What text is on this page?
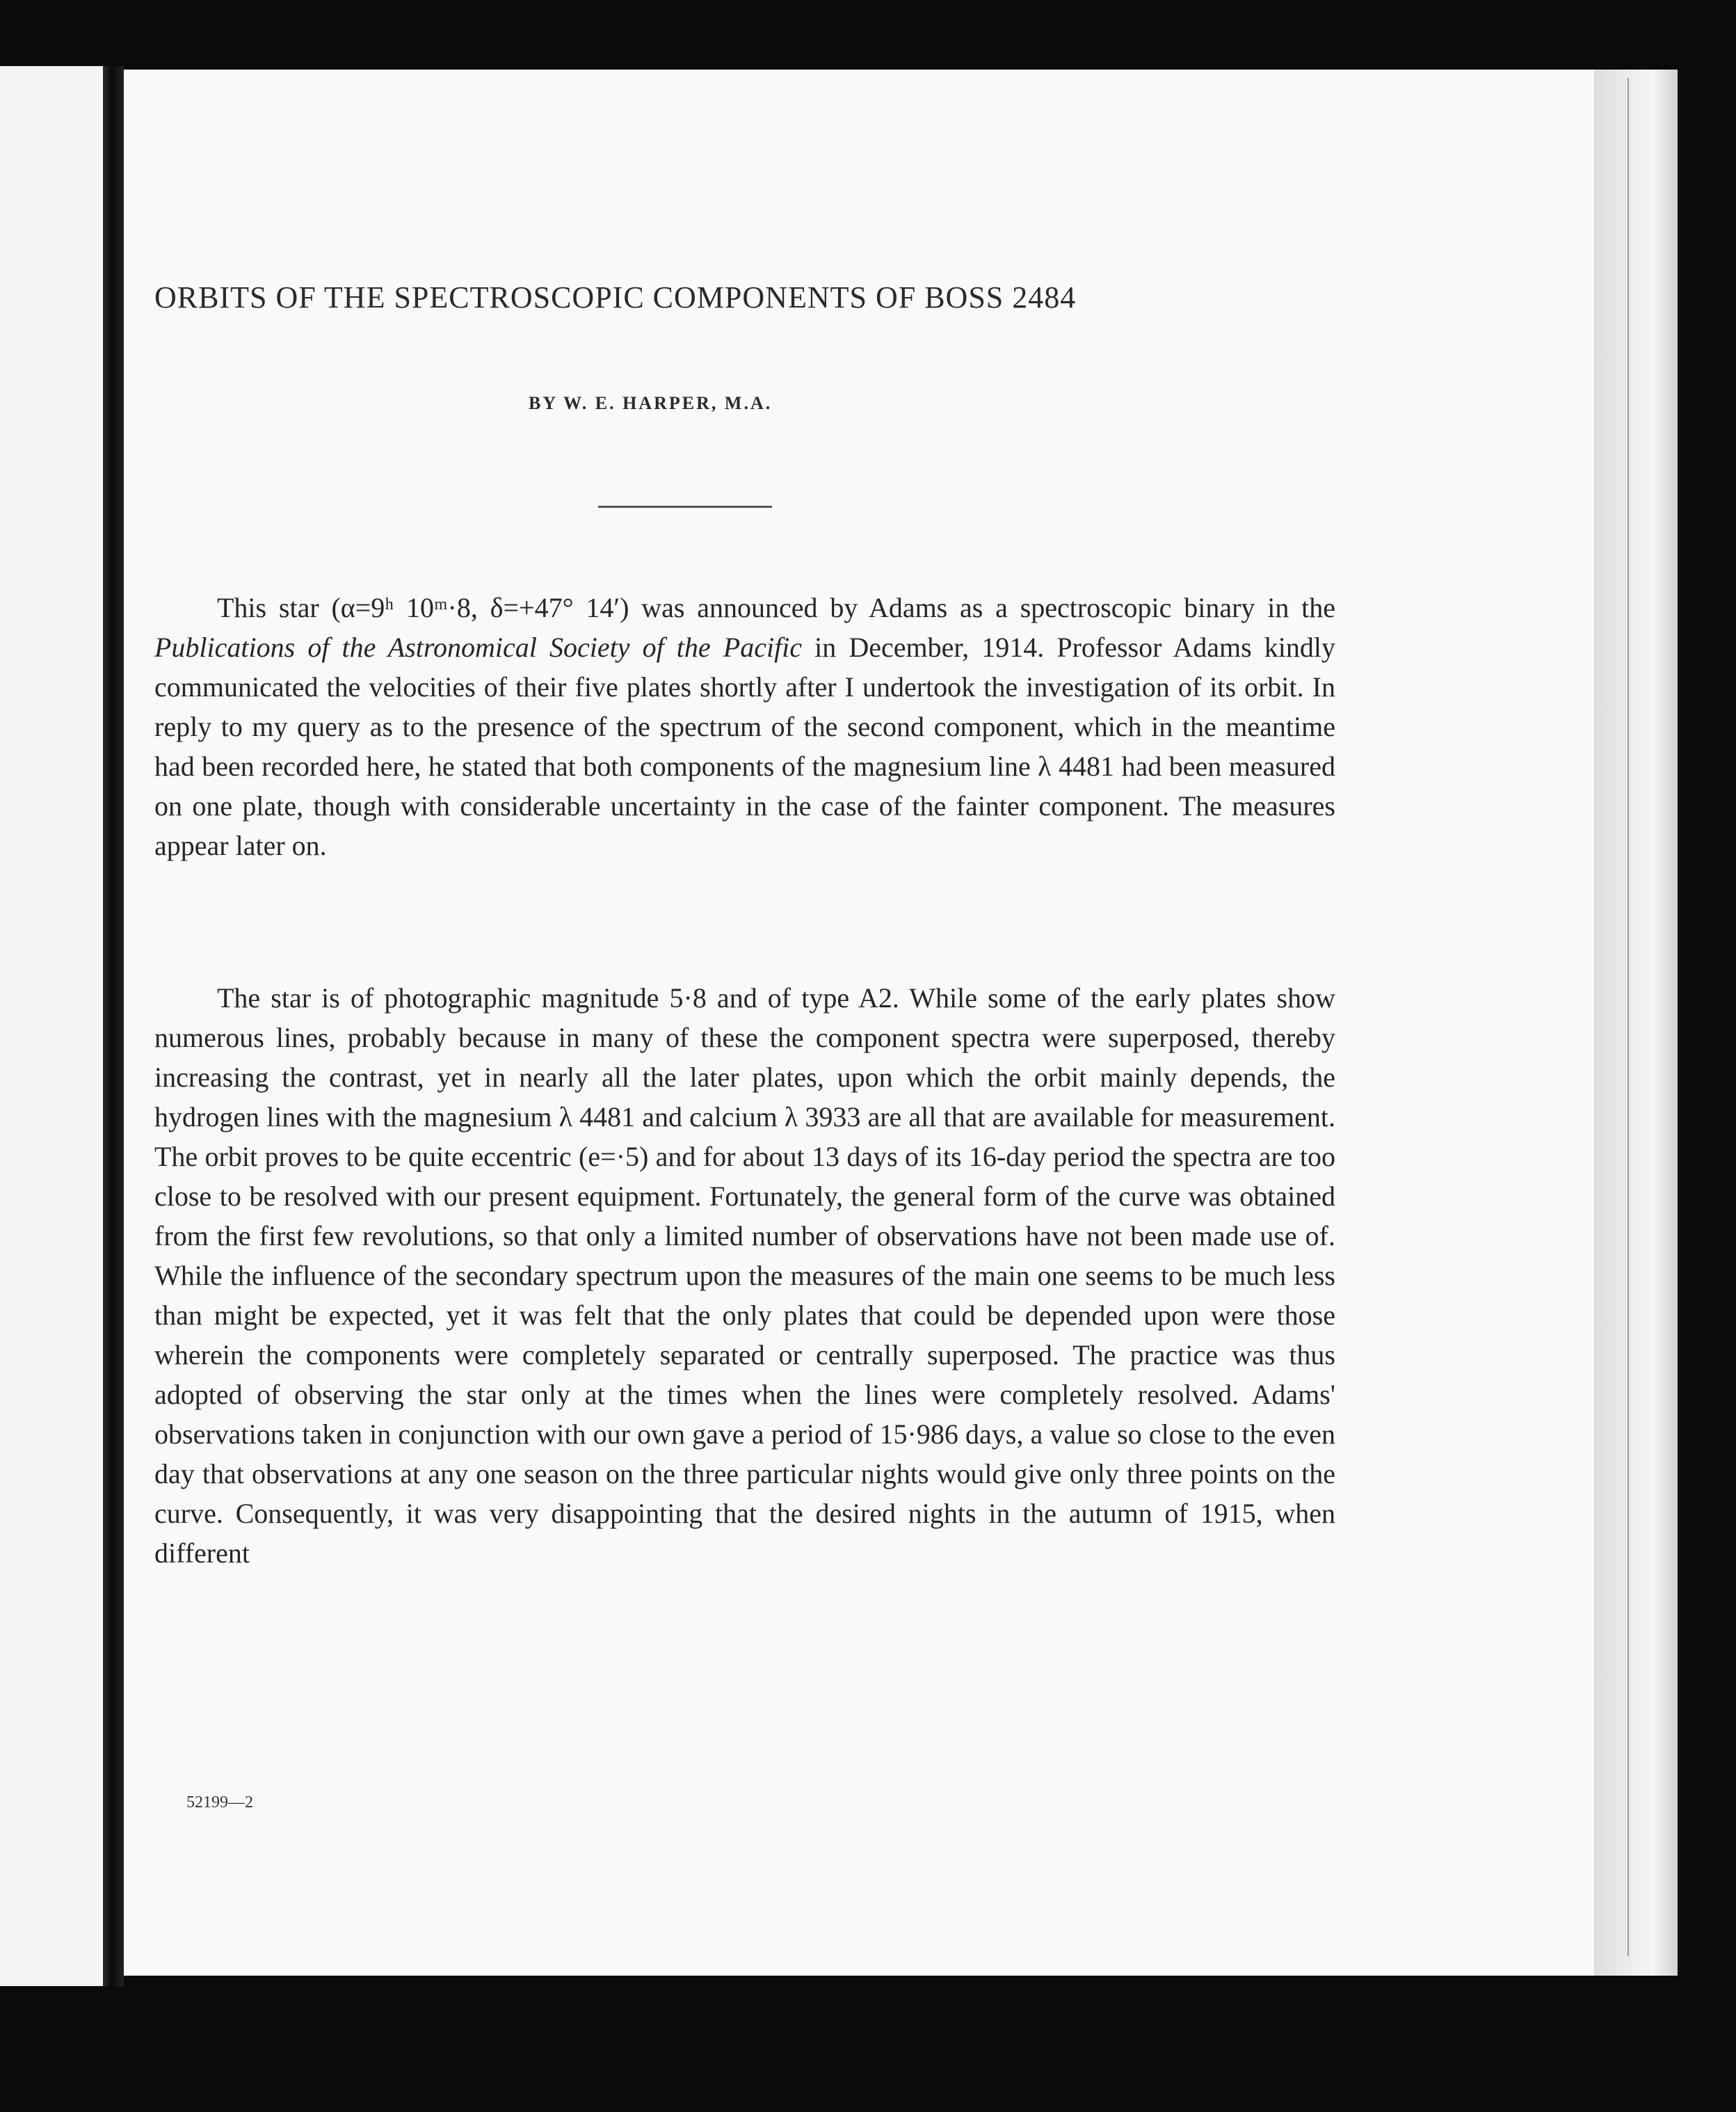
ORBITS OF THE SPECTROSCOPIC COMPONENTS OF BOSS 2484
BY W. E. HARPER, M.A.

This star (α=9ʰ 10ᵐ·8, δ=+47° 14′) was announced by Adams as a spectroscopic binary in the Publications of the Astronomical Society of the Pacific in December, 1914. Professor Adams kindly communicated the velocities of their five plates shortly after I undertook the investigation of its orbit. In reply to my query as to the presence of the spectrum of the second component, which in the meantime had been recorded here, he stated that both components of the magnesium line λ 4481 had been measured on one plate, though with considerable uncertainty in the case of the fainter component. The measures appear later on.

The star is of photographic magnitude 5·8 and of type A2. While some of the early plates show numerous lines, probably because in many of these the component spectra were superposed, thereby increasing the contrast, yet in nearly all the later plates, upon which the orbit mainly depends, the hydrogen lines with the magnesium λ 4481 and calcium λ 3933 are all that are available for measurement. The orbit proves to be quite eccentric (e=·5) and for about 13 days of its 16-day period the spectra are too close to be resolved with our present equipment. Fortunately, the general form of the curve was obtained from the first few revolutions, so that only a limited number of observations have not been made use of. While the influence of the secondary spectrum upon the measures of the main one seems to be much less than might be expected, yet it was felt that the only plates that could be depended upon were those wherein the components were completely separated or centrally superposed. The practice was thus adopted of observing the star only at the times when the lines were completely resolved. Adams' observations taken in conjunction with our own gave a period of 15·986 days, a value so close to the even day that observations at any one season on the three particular nights would give only three points on the curve. Consequently, it was very disappointing that the desired nights in the autumn of 1915, when different

52199—2
